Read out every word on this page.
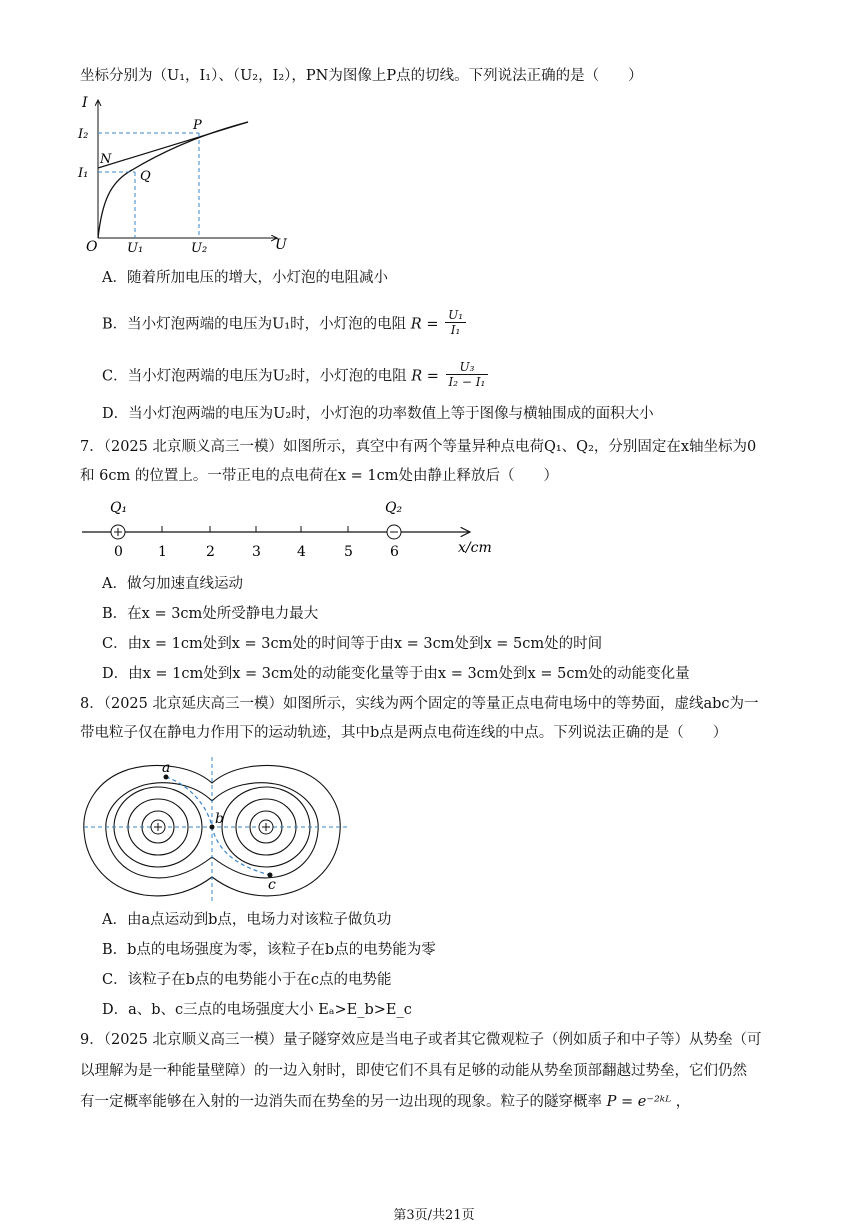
坐标分别为（U₁，I₁）、（U₂，I₂），PN为图像上P点的切线。下列说法正确的是（　　）
I
U
O
P
N
Q
I₂
I₁
U₁	U₂
A．随着所加电压的增大，小灯泡的电阻减小
B．当小灯泡两端的电压为U₁时，小灯泡的电阻 $R = \frac{\text{U₁}}{\text{I₁}}$
C．当小灯泡两端的电压为U₂时，小灯泡的电阻 $R = \frac{\text{U₃}}{\text{I₂ − I₁}}$
D．当小灯泡两端的电压为U₂时，小灯泡的功率数值上等于图像与横轴围成的面积大小
7．（2025 北京顺义高三一模）如图所示，真空中有两个等量异种点电荷Q₁、Q₂，分别固定在x轴坐标为0
和 6cm 的位置上。一带正电的点电荷在x = 1cm处由静止释放后（　　）
Q₁	Q₂
0	1	2	3	4	5	6	x/cm
A．做匀加速直线运动
B．在x = 3cm处所受静电力最大
C．由x = 1cm处到x = 3cm处的时间等于由x = 3cm处到x = 5cm处的时间
D．由x = 1cm处到x = 3cm处的动能变化量等于由x = 3cm处到x = 5cm处的动能变化量
8．（2025 北京延庆高三一模）如图所示，实线为两个固定的等量正点电荷电场中的等势面，虚线abc为一
带电粒子仅在静电力作用下的运动轨迹，其中b点是两点电荷连线的中点。下列说法正确的是（　　）
a
b
c
A．由a点运动到b点，电场力对该粒子做负功
B．b点的电场强度为零，该粒子在b点的电势能为零
C．该粒子在b点的电势能小于在c点的电势能
D．a、b、c三点的电场强度大小 Eₐ>E_b>E_c
9．（2025 北京顺义高三一模）量子隧穿效应是当电子或者其它微观粒子（例如质子和中子等）从势垒（可
以理解为是一种能量壁障）的一边入射时，即使它们不具有足够的动能从势垒顶部翻越过势垒，它们仍然
有一定概率能够在入射的一边消失而在势垒的另一边出现的现象。粒子的隧穿概率 P = e⁻²ᵏᴸ ，
第3页/共21页
